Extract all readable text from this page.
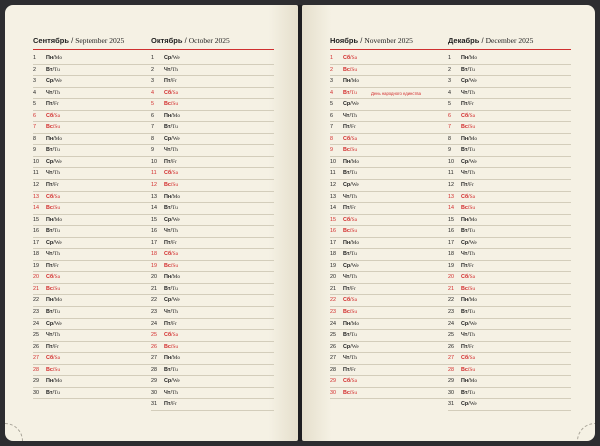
Сентябрь / September 2025
1 Пн/Mo
2 Вт/Tu
3 Ср/We
4 Чт/Th
5 Пт/Fr
6 Сб/Sa
7 Вс/Su
8 Пн/Mo
9 Вт/Tu
10 Ср/We
11 Чт/Th
12 Пт/Fr
13 Сб/Sa
14 Вс/Su
15 Пн/Mo
16 Вт/Tu
17 Ср/We
18 Чт/Th
19 Пт/Fr
20 Сб/Sa
21 Вс/Su
22 Пн/Mo
23 Вт/Tu
24 Ср/We
25 Чт/Th
26 Пт/Fr
27 Сб/Sa
28 Вс/Su
29 Пн/Mo
30 Вт/Tu
Октябрь / October 2025
1 Ср/We
2 Чт/Th
3 Пт/Fr
4 Сб/Sa
5 Вс/Su
6 Пн/Mo
7 Вт/Tu
8 Ср/We
9 Чт/Th
10 Пт/Fr
11 Сб/Sa
12 Вс/Su
13 Пн/Mo
14 Вт/Tu
15 Ср/We
16 Чт/Th
17 Пт/Fr
18 Сб/Sa
19 Вс/Su
20 Пн/Mo
21 Вт/Tu
22 Ср/We
23 Чт/Th
24 Пт/Fr
25 Сб/Sa
26 Вс/Su
27 Пн/Mo
28 Вт/Tu
29 Ср/We
30 Чт/Th
31 Пт/Fr
Ноябрь / November 2025
1 Сб/Sa
2 Вс/Su
3 Пн/Mo
4 Вт/Tu	День народного единства
5 Ср/We
6 Чт/Th
7 Пт/Fr
8 Сб/Sa
9 Вс/Su
10 Пн/Mo
11 Вт/Tu
12 Ср/We
13 Чт/Th
14 Пт/Fr
15 Сб/Sa
16 Вс/Su
17 Пн/Mo
18 Вт/Tu
19 Ср/We
20 Чт/Th
21 Пт/Fr
22 Сб/Sa
23 Вс/Su
24 Пн/Mo
25 Вт/Tu
26 Ср/We
27 Чт/Th
28 Пт/Fr
29 Сб/Sa
30 Вс/Su
Декабрь / December 2025
1 Пн/Mo
2 Вт/Tu
3 Ср/We
4 Чт/Th
5 Пт/Fr
6 Сб/Sa
7 Вс/Su
8 Пн/Mo
9 Вт/Tu
10 Ср/We
11 Чт/Th
12 Пт/Fr
13 Сб/Sa
14 Вс/Su
15 Пн/Mo
16 Вт/Tu
17 Ср/We
18 Чт/Th
19 Пт/Fr
20 Сб/Sa
21 Вс/Su
22 Пн/Mo
23 Вт/Tu
24 Ср/We
25 Чт/Th
26 Пт/Fr
27 Сб/Sa
28 Вс/Su
29 Пн/Mo
30 Вт/Tu
31 Ср/We
